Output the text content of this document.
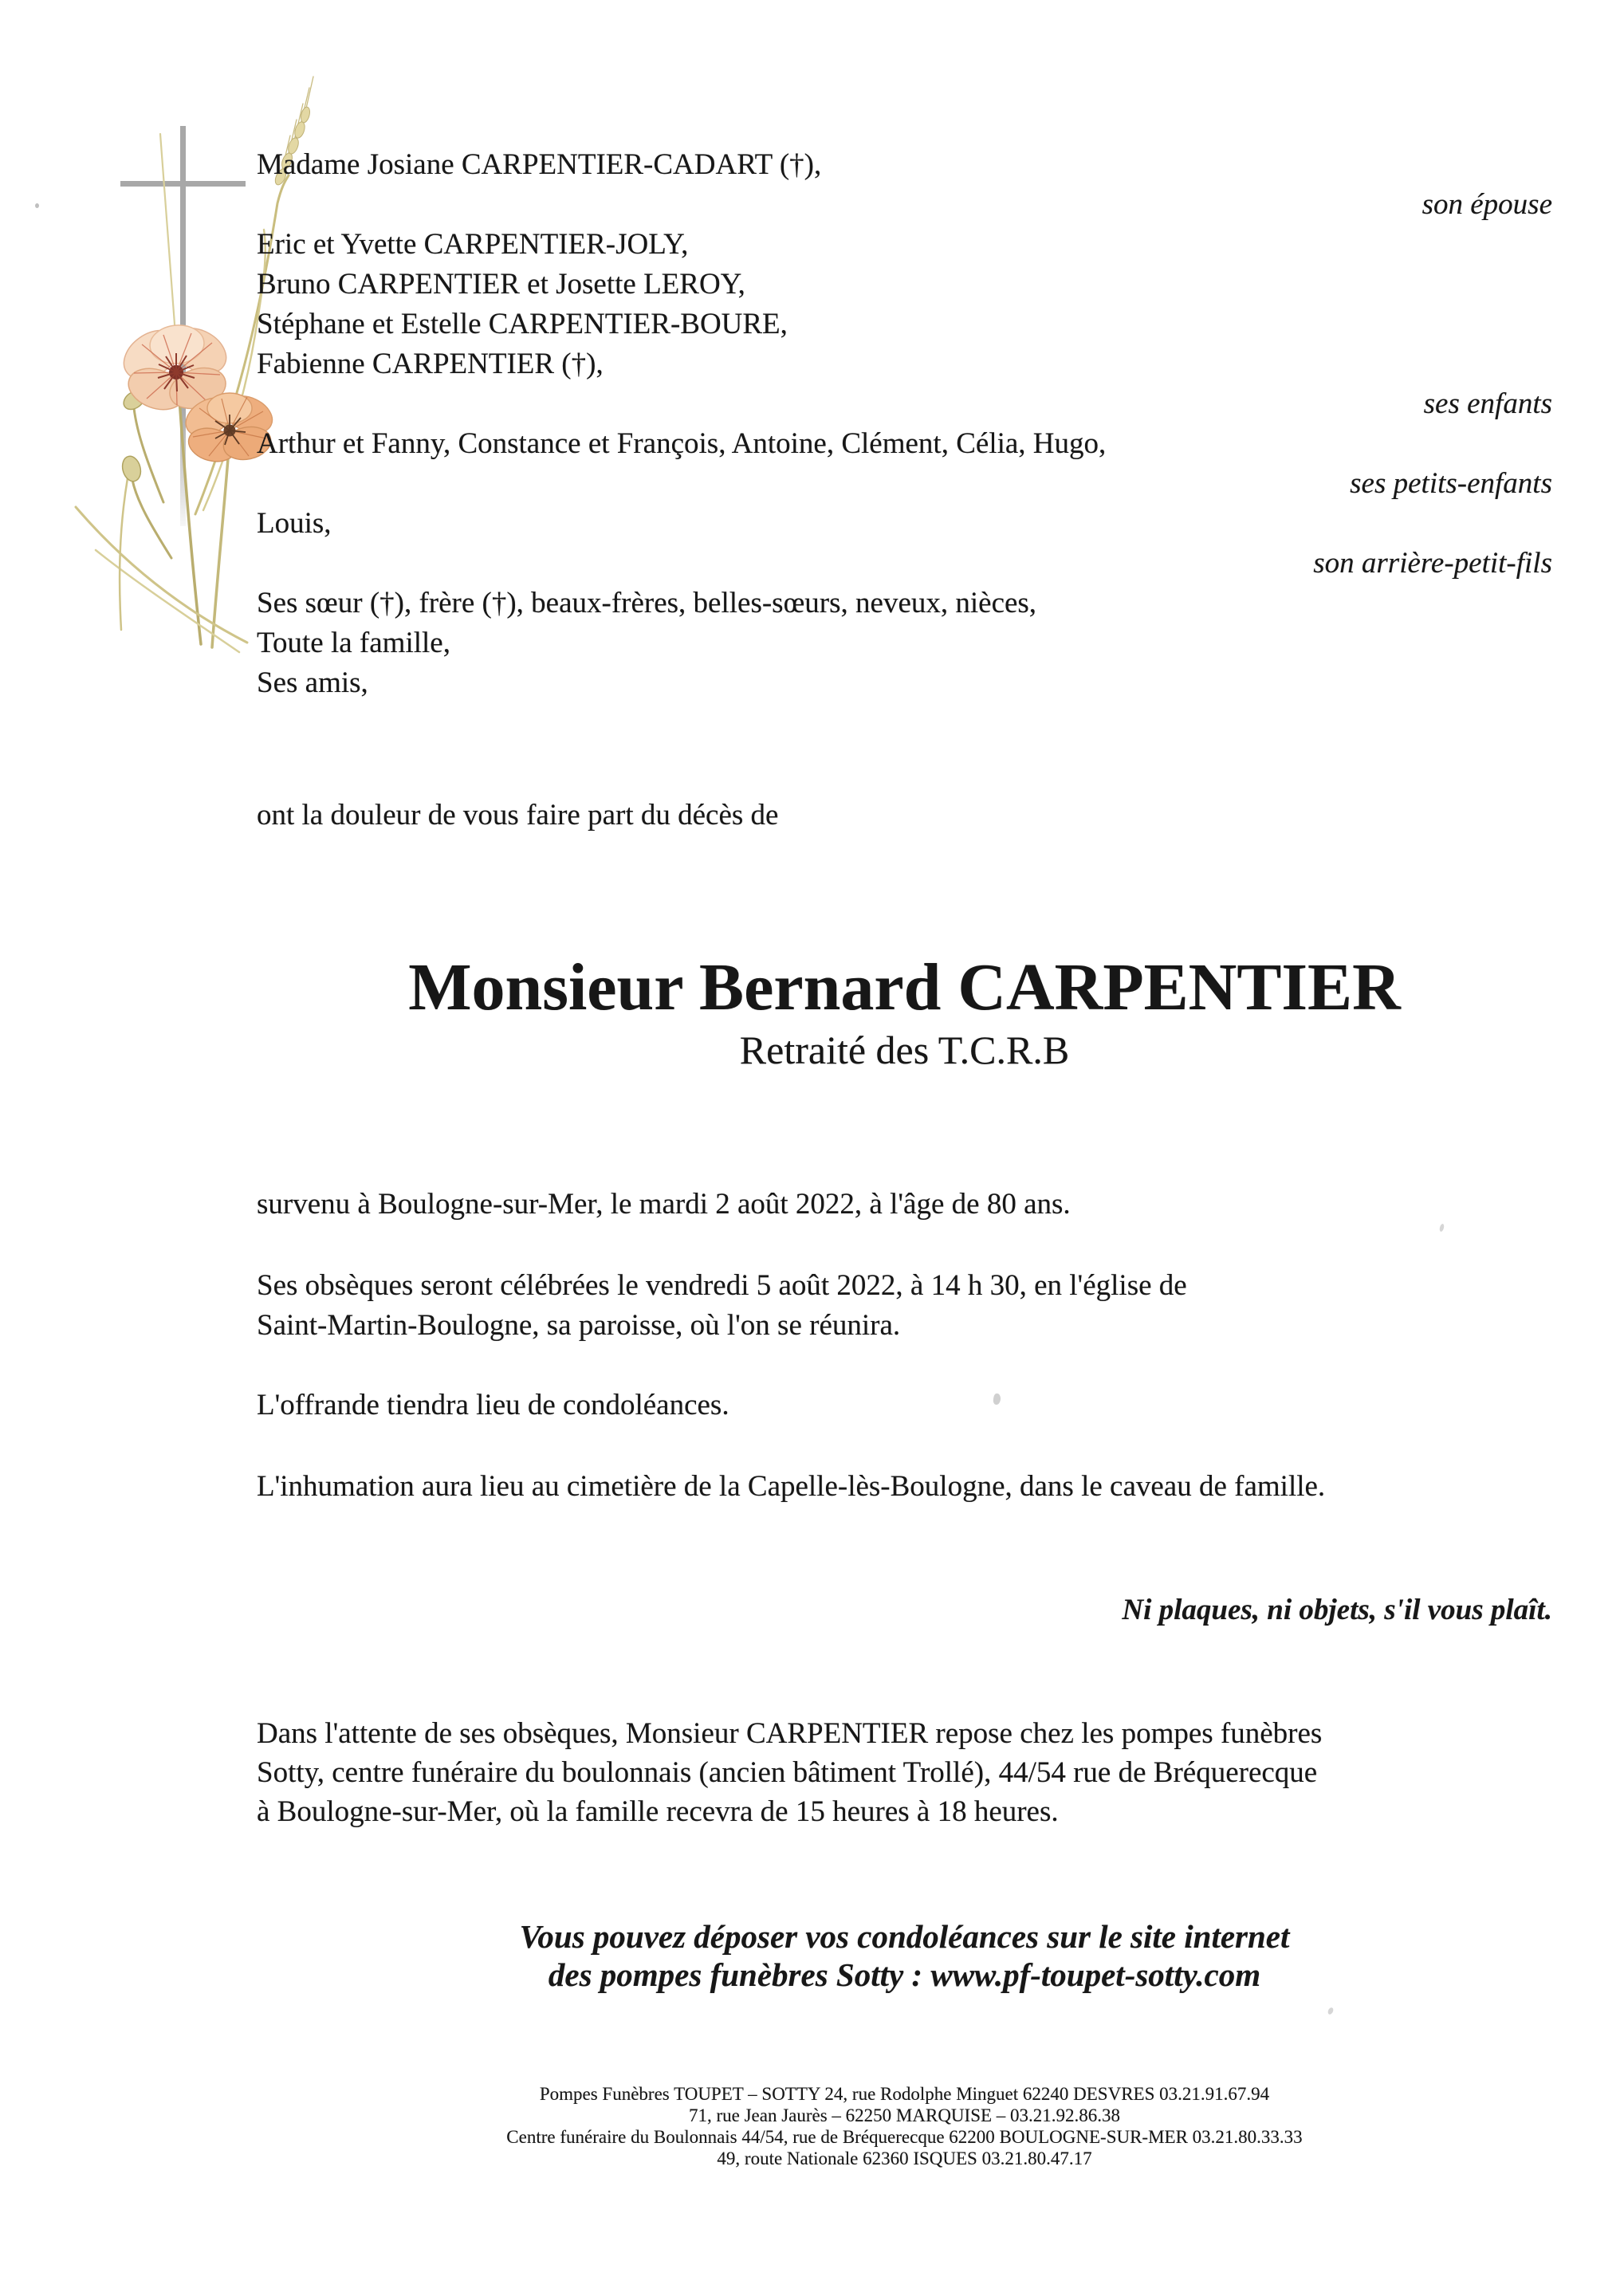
Madame Josiane CARPENTIER-CADART (†),
son épouse
Eric et Yvette CARPENTIER-JOLY,
Bruno CARPENTIER et Josette LEROY,
Stéphane et Estelle CARPENTIER-BOURE,
Fabienne CARPENTIER (†),
ses enfants
Arthur et Fanny, Constance et François, Antoine, Clément, Célia, Hugo,
ses petits-enfants
Louis,
son arrière-petit-fils
Ses sœur (†), frère (†), beaux-frères, belles-sœurs, neveux, nièces,
Toute la famille,
Ses amis,
ont la douleur de vous faire part du décès de
Monsieur Bernard CARPENTIER
Retraité des T.C.R.B
survenu à Boulogne-sur-Mer, le mardi 2 août 2022, à l'âge de 80 ans.
Ses obsèques seront célébrées le vendredi 5 août 2022, à 14 h 30, en l'église de
Saint-Martin-Boulogne, sa paroisse, où l'on se réunira.
L'offrande tiendra lieu de condoléances.
L'inhumation aura lieu au cimetière de la Capelle-lès-Boulogne, dans le caveau de famille.
Ni plaques, ni objets, s'il vous plaît.
Dans l'attente de ses obsèques, Monsieur CARPENTIER repose chez les pompes funèbres
Sotty, centre funéraire du boulonnais (ancien bâtiment Trollé), 44/54 rue de Bréquerecque
à Boulogne-sur-Mer, où la famille recevra de 15 heures à 18 heures.
Vous pouvez déposer vos condoléances sur le site internet
des pompes funèbres Sotty : www.pf-toupet-sotty.com
Pompes Funèbres TOUPET – SOTTY 24, rue Rodolphe Minguet 62240 DESVRES 03.21.91.67.94
71, rue Jean Jaurès – 62250 MARQUISE – 03.21.92.86.38
Centre funéraire du Boulonnais 44/54, rue de Bréquerecque 62200 BOULOGNE-SUR-MER 03.21.80.33.33
49, route Nationale 62360 ISQUES 03.21.80.47.17
